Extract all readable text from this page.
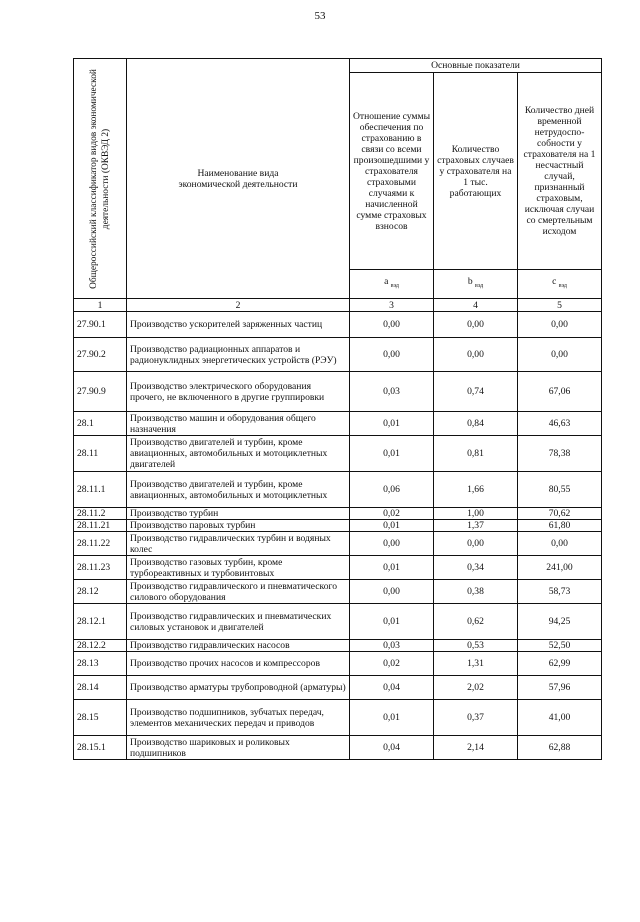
53
Общероссийский классификатор видов экономической деятельности (ОКВЭД 2)	Наименование вида экономической деятельности	Основные показатели		
		Отношение суммы обеспечения по страхованию в связи со всеми произошедшими у страхователя страховыми случаями к начисленной сумме страховых взносов	Количество страховых случаев у страхователя на 1 тыс. работающих	Количество дней временной нетрудоспо-собности у страхователя на 1 несчастный случай, признанный страховым, исключая случаи со смертельным исходом
		a $_{вэд}$	b $_{вэд}$	c $_{вэд}$
1	2	3	4	5
27.90.1	Производство ускорителей заряженных частиц	0,00	0,00	0,00
27.90.2	Производство радиационных аппаратов и радионуклидных энергетических устройств (РЭУ)	0,00	0,00	0,00
27.90.9	Производство электрического оборудования прочего, не включенного в другие группировки	0,03	0,74	67,06
28.1	Производство машин и оборудования общего назначения	0,01	0,84	46,63
28.11	Производство двигателей и турбин, кроме авиационных, автомобильных и мотоциклетных двигателей	0,01	0,81	78,38
28.11.1	Производство двигателей и турбин, кроме авиационных, автомобильных и мотоциклетных	0,06	1,66	80,55
28.11.2	Производство турбин	0,02	1,00	70,62
28.11.21	Производство паровых турбин	0,01	1,37	61,80
28.11.22	Производство гидравлических турбин и водяных колес	0,00	0,00	0,00
28.11.23	Производство газовых турбин, кроме турбореактивных и турбовинтовых	0,01	0,34	241,00
28.12	Производство гидравлического и пневматического силового оборудования	0,00	0,38	58,73
28.12.1	Производство гидравлических и пневматических силовых установок и двигателей	0,01	0,62	94,25
28.12.2	Производство гидравлических насосов	0,03	0,53	52,50
28.13	Производство прочих насосов и компрессоров	0,02	1,31	62,99
28.14	Производство арматуры трубопроводной (арматуры)	0,04	2,02	57,96
28.15	Производство подшипников, зубчатых передач, элементов механических передач и приводов	0,01	0,37	41,00
28.15.1	Производство шариковых и роликовых подшипников	0,04	2,14	62,88
